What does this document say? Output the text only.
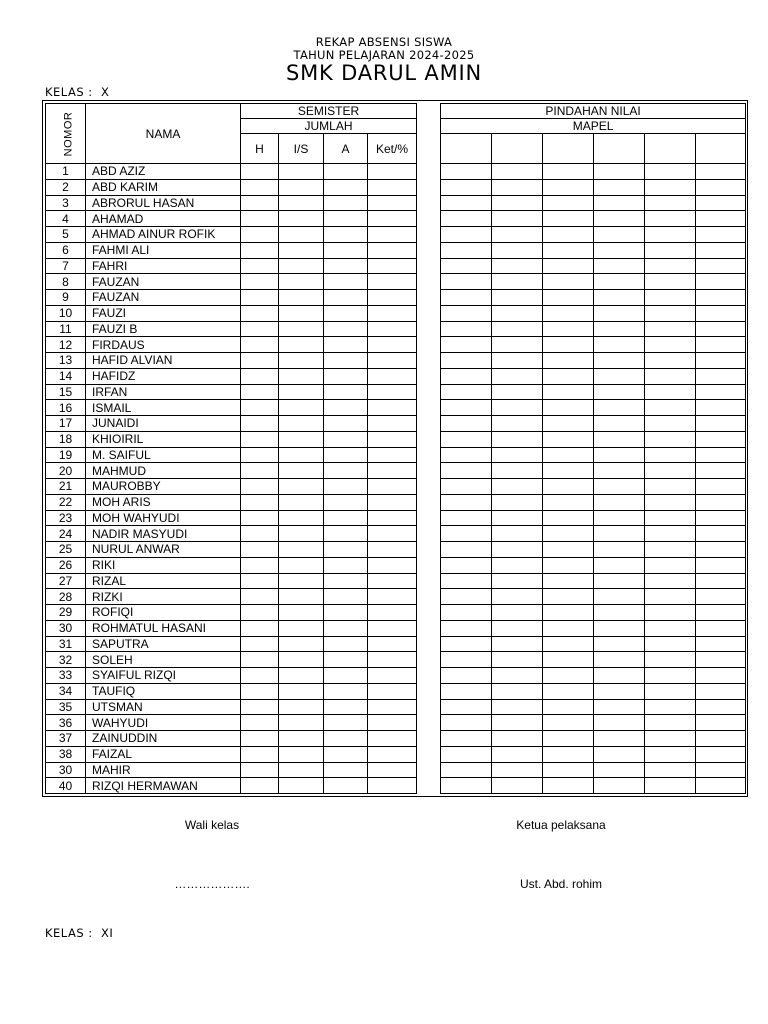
REKAP ABSENSI SISWA
TAHUN PELAJARAN 2024-2025
SMK DARUL AMIN
KELAS :  X
NOMOR	NAMA	SEMISTER					PINDAHAN NILAI					
		JUMLAH					MAPEL					
		H	I/S	A	Ket/%							
1	ABD AZIZ											
2	ABD KARIM											
3	ABRORUL HASAN											
4	AHAMAD											
5	AHMAD AINUR ROFIK											
6	FAHMI ALI											
7	FAHRI											
8	FAUZAN											
9	FAUZAN											
10	FAUZI											
11	FAUZI B											
12	FIRDAUS											
13	HAFID ALVIAN											
14	HAFIDZ											
15	IRFAN											
16	ISMAIL											
17	JUNAIDI											
18	KHIOIRIL											
19	M. SAIFUL											
20	MAHMUD											
21	MAUROBBY											
22	MOH ARIS											
23	MOH WAHYUDI											
24	NADIR MASYUDI											
25	NURUL ANWAR											
26	RIKI											
27	RIZAL											
28	RIZKI											
29	ROFIQI											
30	ROHMATUL HASANI											
31	SAPUTRA											
32	SOLEH											
33	SYAIFUL RIZQI											
34	TAUFIQ											
35	UTSMAN											
36	WAHYUDI											
37	ZAINUDDIN											
38	FAIZAL											
30	MAHIR											
40	RIZQI HERMAWAN											
Wali kelas
……………….
Ketua pelaksana
Ust. Abd. rohim
KELAS :  XI
